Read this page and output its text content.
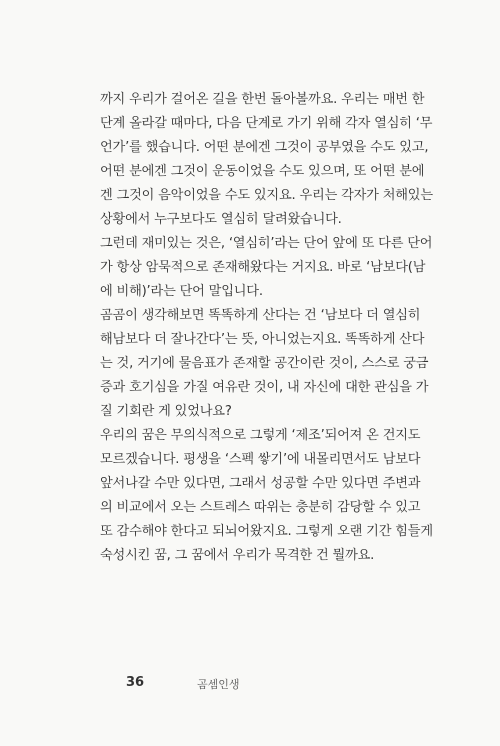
까지 우리가 걸어온 길을 한번 돌아볼까요. 우리는 매번 한
단계 올라갈 때마다, 다음 단계로 가기 위해 각자 열심히 ‘무
언가’를 했습니다. 어떤 분에겐 그것이 공부였을 수도 있고,
어떤 분에겐 그것이 운동이었을 수도 있으며, 또 어떤 분에
겐 그것이 음악이었을 수도 있지요. 우리는 각자가 처해있는
상황에서 누구보다도 열심히 달려왔습니다.
그런데 재미있는 것은, ‘열심히’라는 단어 앞에 또 다른 단어
가 항상 암묵적으로 존재해왔다는 거지요. 바로 ‘남보다(남
에 비해)’라는 단어 말입니다.
곰곰이 생각해보면 똑똑하게 산다는 건 ‘남보다 더 열심히
해남보다 더 잘나간다’는 뜻, 아니었는지요. 똑똑하게 산다
는 것, 거기에 물음표가 존재할 공간이란 것이, 스스로 궁금
증과 호기심을 가질 여유란 것이, 내 자신에 대한 관심을 가
질 기회란 게 있었나요?
우리의 꿈은 무의식적으로 그렇게 ‘제조’되어져 온 건지도
모르겠습니다. 평생을 ‘스펙 쌓기’에 내몰리면서도 남보다
앞서나갈 수만 있다면, 그래서 성공할 수만 있다면 주변과
의 비교에서 오는 스트레스 따위는 충분히 감당할 수 있고
또 감수해야 한다고 되뇌어왔지요. 그렇게 오랜 기간 힘들게
숙성시킨 꿈, 그 꿈에서 우리가 목격한 건 뭘까요.
36	곰셈인생
